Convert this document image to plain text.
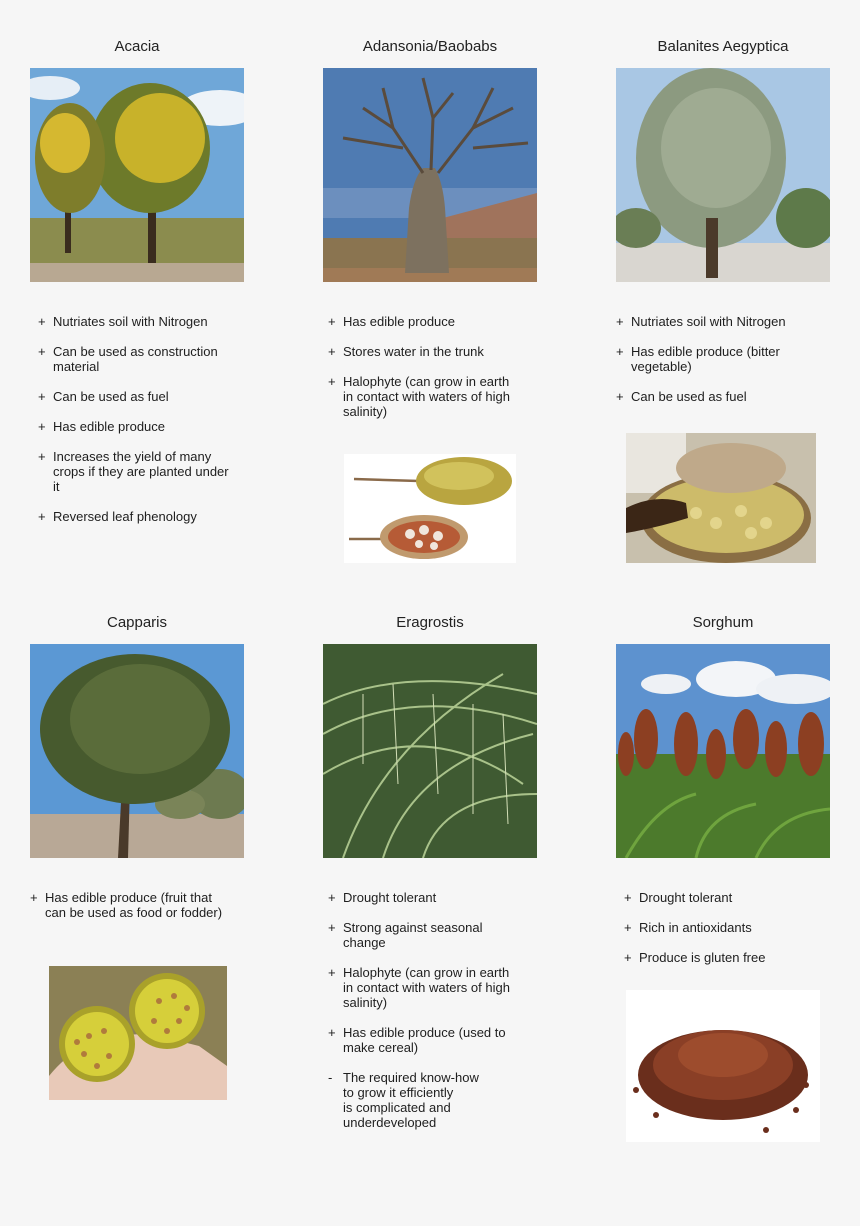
Acacia
+ Nutriates soil with Nitrogen
+ Can be used as construction
material
+ Can be used as fuel
+ Has edible produce
+ Increases the yield of many
crops if they are planted under
it
+ Reversed leaf phenology
Adansonia/Baobabs
+ Has edible produce
+ Stores water in the trunk
+ Halophyte (can grow in earth
in contact with waters of high
salinity)
Balanites Aegyptica
+ Nutriates soil with Nitrogen
+ Has edible produce (bitter
vegetable)
+ Can be used as fuel
Capparis
+ Has edible produce (fruit that
can be used as food or fodder)
Eragrostis
+ Drought tolerant
+ Strong against seasonal
change
+ Halophyte (can grow in earth
in contact with waters of high
salinity)
+ Has edible produce (used to
make cereal)
- The required know-how
to grow it efficiently
is complicated and
underdeveloped
Sorghum
+ Drought tolerant
+ Rich in antioxidants
+ Produce is gluten free
